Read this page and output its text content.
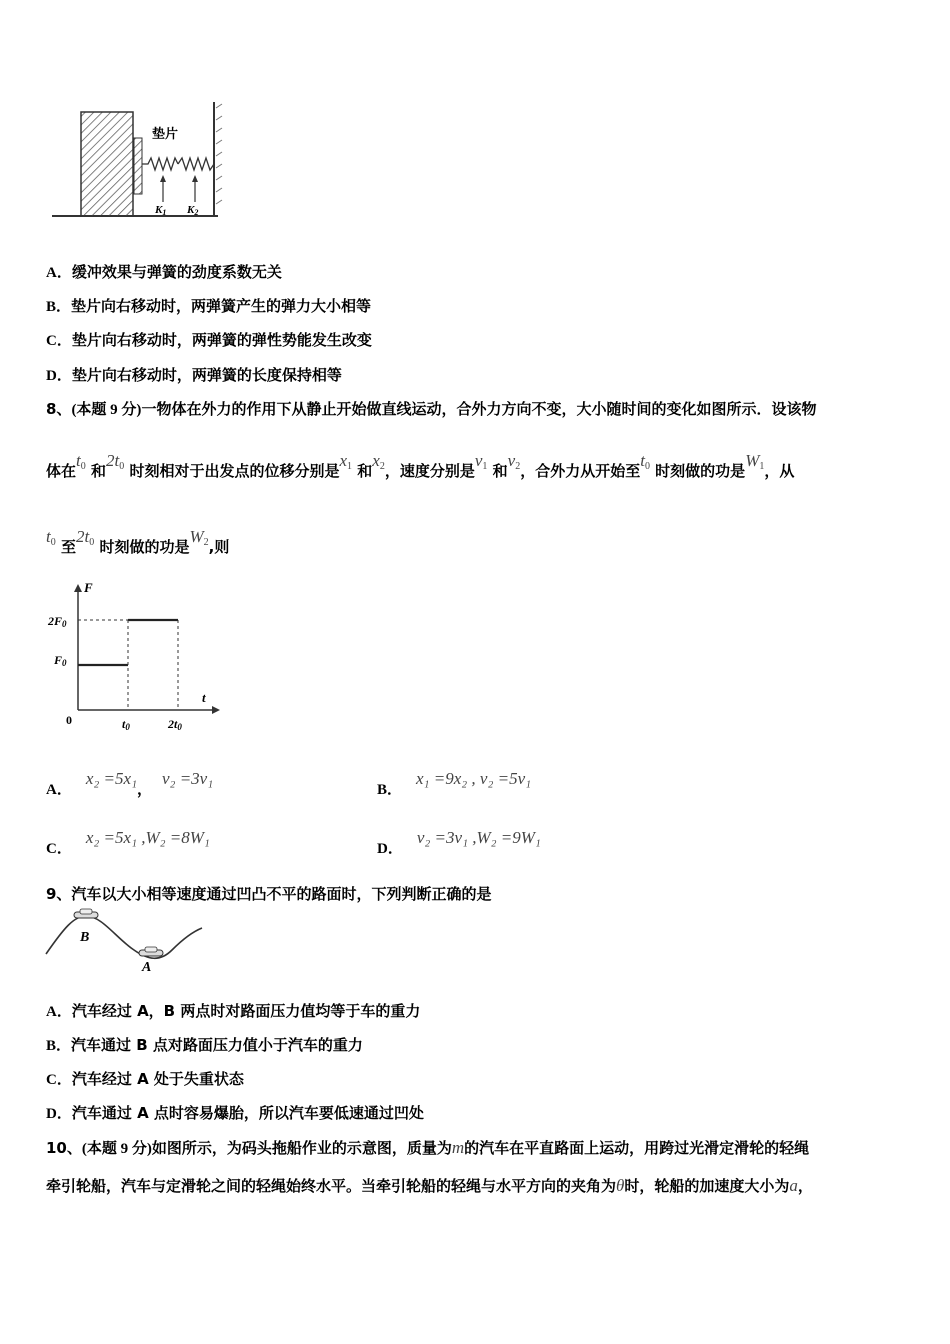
垫片
K1 K2
A．缓冲效果与弹簧的劲度系数无关
B．垫片向右移动时，两弹簧产生的弹力大小相等
C．垫片向右移动时，两弹簧的弹性势能发生改变
D．垫片向右移动时，两弹簧的长度保持相等
8、(本题 9 分)一物体在外力的作用下从静止开始做直线运动，合外力方向不变，大小随时间的变化如图所示．设该物
体在$t_0$ 和$2t_0$ 时刻相对于出发点的位移分别是$x_1$ 和$x_2$，速度分别是$v_1$ 和$v_2$，合外力从开始至$t_0$ 时刻做的功是$W_1$，从
$t_0$ 至$2t_0$ 时刻做的功是$W_2$,则
F
t
2F0
F0
0	t0	2t0
A．x₂ =5x₁，v₂ =3v₁
B．x₁ =9x₂ , v₂ =5v₁
C．x₂ =5x₁ ,W₂ =8W₁
D．v₂ =3v₁ ,W₂ =9W₁
9、汽车以大小相等速度通过凹凸不平的路面时，下列判断正确的是
B
A
A．汽车经过 A，B 两点时对路面压力值均等于车的重力
B．汽车通过 B 点对路面压力值小于汽车的重力
C．汽车经过 A 处于失重状态
D．汽车通过 A 点时容易爆胎，所以汽车要低速通过凹处
10、(本题 9 分)如图所示，为码头拖船作业的示意图，质量为m的汽车在平直路面上运动，用跨过光滑定滑轮的轻绳
牵引轮船，汽车与定滑轮之间的轻绳始终水平。当牵引轮船的轻绳与水平方向的夹角为θ时，轮船的加速度大小为a，
